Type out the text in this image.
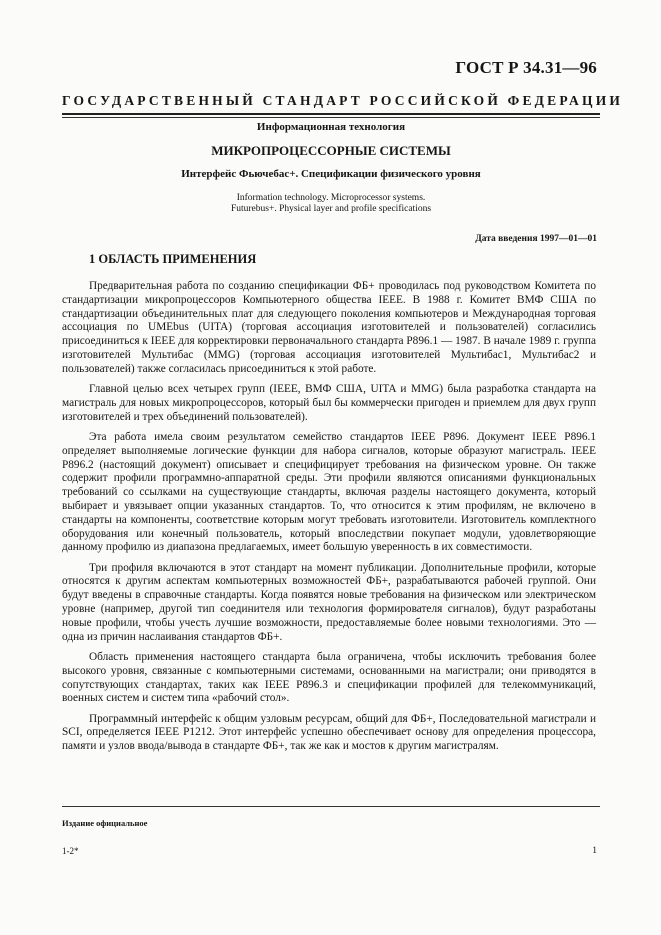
ГОСТ Р 34.31—96
ГОСУДАРСТВЕННЫЙ СТАНДАРТ РОССИЙСКОЙ ФЕДЕРАЦИИ
Информационная технология
МИКРОПРОЦЕССОРНЫЕ СИСТЕМЫ
Интерфейс Фьючебас+. Спецификации физического уровня
Information technology. Microprocessor systems.
Futurebus+. Physical layer and profile specifications
Дата введения 1997—01—01
1 ОБЛАСТЬ ПРИМЕНЕНИЯ

Предварительная работа по созданию спецификации ФБ+ проводилась под руководством Комитета по стандартизации микропроцессоров Компьютерного общества IEEE. В 1988 г. Комитет ВМФ США по стандартизации объединительных плат для следующего поколения компьютеров и Международная торговая ассоциация по UMEbus (UITA) (торговая ассоциация изготовителей и пользователей) согласились присоединиться к IEEE для корректировки первоначального стандарта P896.1 — 1987. В начале 1989 г. группа изготовителей Мультибас (MMG) (торговая ассоциация изготовителей Мультибас1, Мультибас2 и пользователей) также согласилась присоединиться к этой работе.

Главной целью всех четырех групп (IEEE, ВМФ США, UITA и MMG) была разработка стандарта на магистраль для новых микропроцессоров, который был бы коммерчески пригоден и приемлем для двух групп изготовителей и трех объединений пользователей).

Эта работа имела своим результатом семейство стандартов IEEE P896. Документ IEEE P896.1 определяет выполняемые логические функции для набора сигналов, которые образуют магистраль. IEEE P896.2 (настоящий документ) описывает и специфицирует требования на физическом уровне. Он также содержит профили программно-аппаратной среды. Эти профили являются описаниями функциональных требований со ссылками на существующие стандарты, включая разделы настоящего документа, который выбирает и увязывает опции указанных стандартов. То, что относится к этим профилям, не включено в стандарты на компоненты, соответствие которым могут требовать изготовители. Изготовитель комплектного оборудования или конечный пользователь, который впоследствии покупает модули, удовлетворяющие данному профилю из диапазона предлагаемых, имеет большую уверенность в их совместимости.

Три профиля включаются в этот стандарт на момент публикации. Дополнительные профили, которые относятся к другим аспектам компьютерных возможностей ФБ+, разрабатываются рабочей группой. Они будут введены в справочные стандарты. Когда появятся новые требования на физическом или электрическом уровне (например, другой тип соединителя или технология формирователя сигналов), будут разработаны новые профили, чтобы учесть лучшие возможности, предоставляемые более новыми технологиями. Это — одна из причин наслаивания стандартов ФБ+.

Область применения настоящего стандарта была ограничена, чтобы исключить требования более высокого уровня, связанные с компьютерными системами, основанными на магистрали; они приводятся в сопутствующих стандартах, таких как IEEE P896.3 и спецификации профилей для телекоммуникаций, военных систем и систем типа «рабочий стол».

Программный интерфейс к общим узловым ресурсам, общий для ФБ+, Последовательной магистрали и SCI, определяется IEEE P1212. Этот интерфейс успешно обеспечивает основу для определения процессора, памяти и узлов ввода/вывода в стандарте ФБ+, так же как и мостов к другим магистралям.

Издание официальное
1-2*	1
